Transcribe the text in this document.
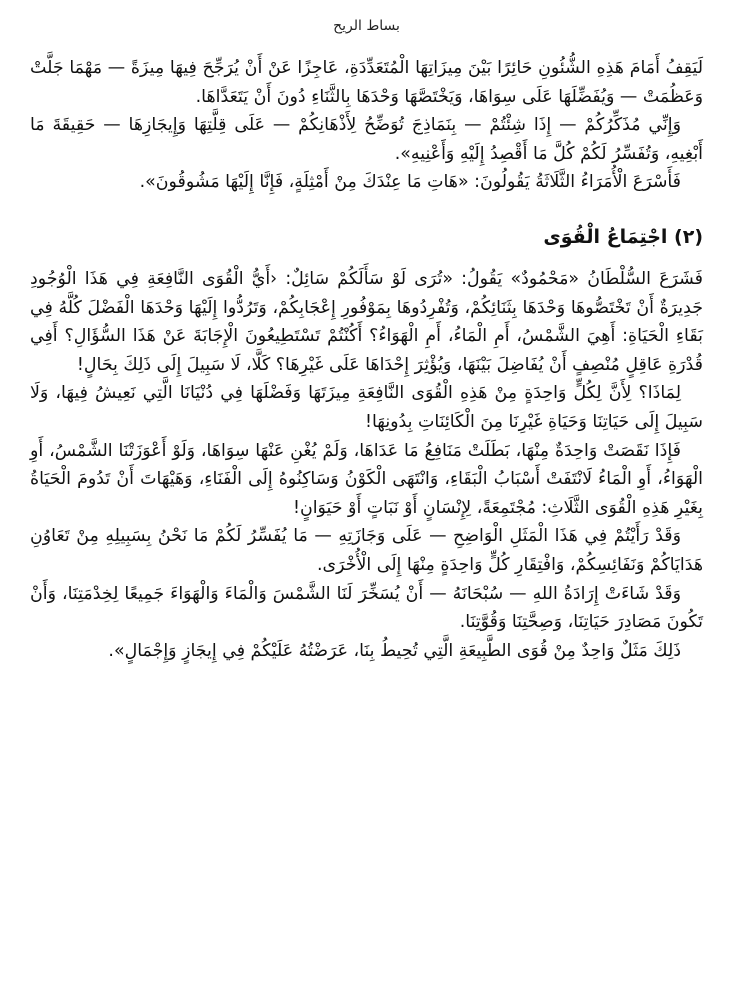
بساط الريح

لَيَقِفُ أَمَامَ هَذِهِ الشُّئُونِ حَائِرًا بَيْنَ مِيزَاتِهَا الْمُتَعَدِّدَةِ، عَاجِزًا عَنْ أَنْ يُرَجِّحَ فِيهَا مِيزَةً — مَهْمَا جَلَّتْ وَعَظُمَتْ — وَيُفَضِّلَهَا عَلَى سِوَاهَا، وَيَخْتَصَّهَا وَحْدَهَا بِالثَّنَاءِ دُونَ أَنْ يَتَعَدَّاهَا.

وَإِنِّي مُذَكِّرُكُمْ — إِذَا شِئْتُمْ — بِنَمَاذِجَ تُوَضِّحُ لِأَذْهَانِكُمْ — عَلَى قِلَّتِهَا وَإِيجَازِهَا — حَقِيقَةَ مَا أَبْغِيهِ، وَتُفَسِّرُ لَكُمْ كُلَّ مَا أَقْصِدُ إِلَيْهِ وَأَعْنِيهِ».

فَأَسْرَعَ الْأُمَرَاءُ الثَّلَاثَةُ يَقُولُونَ: «هَاتِ مَا عِنْدَكَ مِنْ أَمْثِلَةٍ، فَإِنَّا إِلَيْهَا مَشُوقُونَ».

(٢) اجْتِمَاعُ الْقُوَى

فَشَرَعَ السُّلْطَانُ «مَحْمُودٌ» يَقُولُ: «تُرَى لَوْ سَأَلَكُمْ سَائِلٌ: ‹أَيُّ الْقُوَى النَّافِعَةِ فِي هَذَا الْوُجُودِ جَدِيرَةٌ أَنْ تَخْتَصُّوهَا وَحْدَهَا بِثَنَائِكُمْ، وَتُفْرِدُوهَا بِمَوْفُورِ إِعْجَابِكُمْ، وَتَرُدُّوا إِلَيْهَا وَحْدَهَا الْفَضْلَ كُلَّهُ فِي بَقَاءِ الْحَيَاةِ: أَهِيَ الشَّمْسُ، أَمِ الْمَاءُ، أَمِ الْهَوَاءُ؟ أَكُنْتُمْ تَسْتَطِيعُونَ الْإِجَابَةَ عَنْ هَذَا السُّؤَالِ؟ أَفِي قُدْرَةِ عَاقِلٍ مُنْصِفٍ أَنْ يُفَاضِلَ بَيْنَهَا، وَيُؤْثِرَ إِحْدَاهَا عَلَى غَيْرِهَا؟ كَلَّا، لَا سَبِيلَ إِلَى ذَلِكَ بِحَالٍ!

لِمَاذَا؟ لِأَنَّ لِكُلٍّ وَاحِدَةٍ مِنْ هَذِهِ الْقُوَى النَّافِعَةِ مِيزَتَهَا وَفَضْلَهَا فِي دُنْيَانَا الَّتِي نَعِيشُ فِيهَا، وَلَا سَبِيلَ إِلَى حَيَاتِنَا وَحَيَاةِ غَيْرِنَا مِنَ الْكَائِنَاتِ بِدُونِهَا!

فَإِذَا نَقَصَتْ وَاحِدَةٌ مِنْهَا، بَطَلَتْ مَنَافِعُ مَا عَدَاهَا، وَلَمْ يُغْنِ عَنْهَا سِوَاهَا، وَلَوْ أَعْوَزَتْنَا الشَّمْسُ، أَوِ الْهَوَاءُ، أَوِ الْمَاءُ لَانْتَفَتْ أَسْبَابُ الْبَقَاءِ، وَانْتَهَى الْكَوْنُ وَسَاكِنُوهُ إِلَى الْفَنَاءِ، وَهَيْهَاتَ أَنْ تَدُومَ الْحَيَاةُ بِغَيْرِ هَذِهِ الْقُوَى الثَّلَاثِ: مُجْتَمِعَةً، لِإِنْسَانٍ أَوْ نَبَاتٍ أَوْ حَيَوَانٍ!

وَقَدْ رَأَيْتُمْ فِي هَذَا الْمَثَلِ الْوَاضِحِ — عَلَى وَجَازَتِهِ — مَا يُفَسِّرُ لَكُمْ مَا نَحْنُ بِسَبِيلِهِ مِنْ تَعَاوُنِ هَدَايَاكُمْ وَنَفَائِسِكُمْ، وَافْتِقَارِ كُلٍّ وَاحِدَةٍ مِنْهَا إِلَى الْأُخْرَى.

وَقَدْ شَاءَتْ إِرَادَةُ اللهِ — سُبْحَانَهُ — أَنْ يُسَخِّرَ لَنَا الشَّمْسَ وَالْمَاءَ وَالْهَوَاءَ جَمِيعًا لِخِدْمَتِنَا، وَأَنْ تَكُونَ مَصَادِرَ حَيَاتِنَا، وَصِحَّتِنَا وَقُوَّتِنَا.

ذَلِكَ مَثَلٌ وَاحِدٌ مِنْ قُوَى الطَّبِيعَةِ الَّتِي تُحِيطُ بِنَا، عَرَضْتُهُ عَلَيْكُمْ فِي إِيجَازٍ وَإِجْمَالٍ».
